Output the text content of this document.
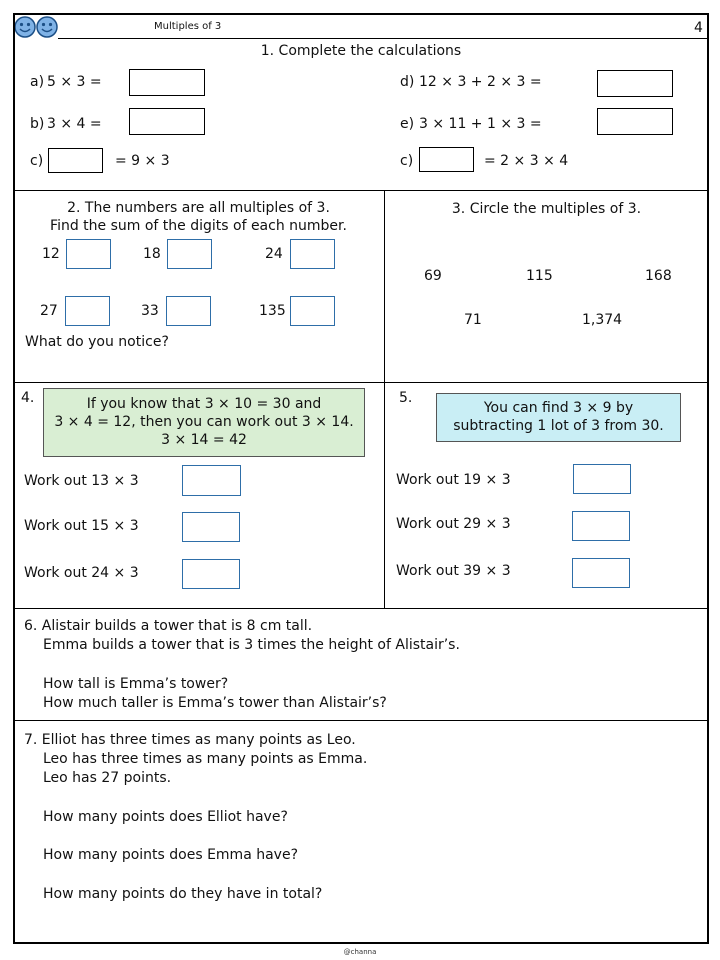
Multiples of 3	4
1. Complete the calculations
a) 5 × 3 =
b) 3 × 4 =
c)	= 9 × 3
d) 12 × 3 + 2 × 3 =
e) 3 × 11 + 1 × 3 =
c)	= 2 × 3 × 4
2. The numbers are all multiples of 3.
Find the sum of the digits of each number.
12	18	24
27	33	135
What do you notice?
3. Circle the multiples of 3.
69	115	168
71	1,374
4.	If you know that 3 × 10 = 30 and
3 × 4 = 12, then you can work out 3 × 14.
3 × 14 = 42
Work out 13 × 3
Work out 15 × 3
Work out 24 × 3
5.
You can find 3 × 9 by
subtracting 1 lot of 3 from 30.
Work out 19 × 3
Work out 29 × 3
Work out 39 × 3
6. Alistair builds a tower that is 8 cm tall.
Emma builds a tower that is 3 times the height of Alistair’s.
How tall is Emma’s tower?
How much taller is Emma’s tower than Alistair’s?
7. Elliot has three times as many points as Leo.
Leo has three times as many points as Emma.
Leo has 27 points.
How many points does Elliot have?
How many points does Emma have?
How many points do they have in total?
@channa
